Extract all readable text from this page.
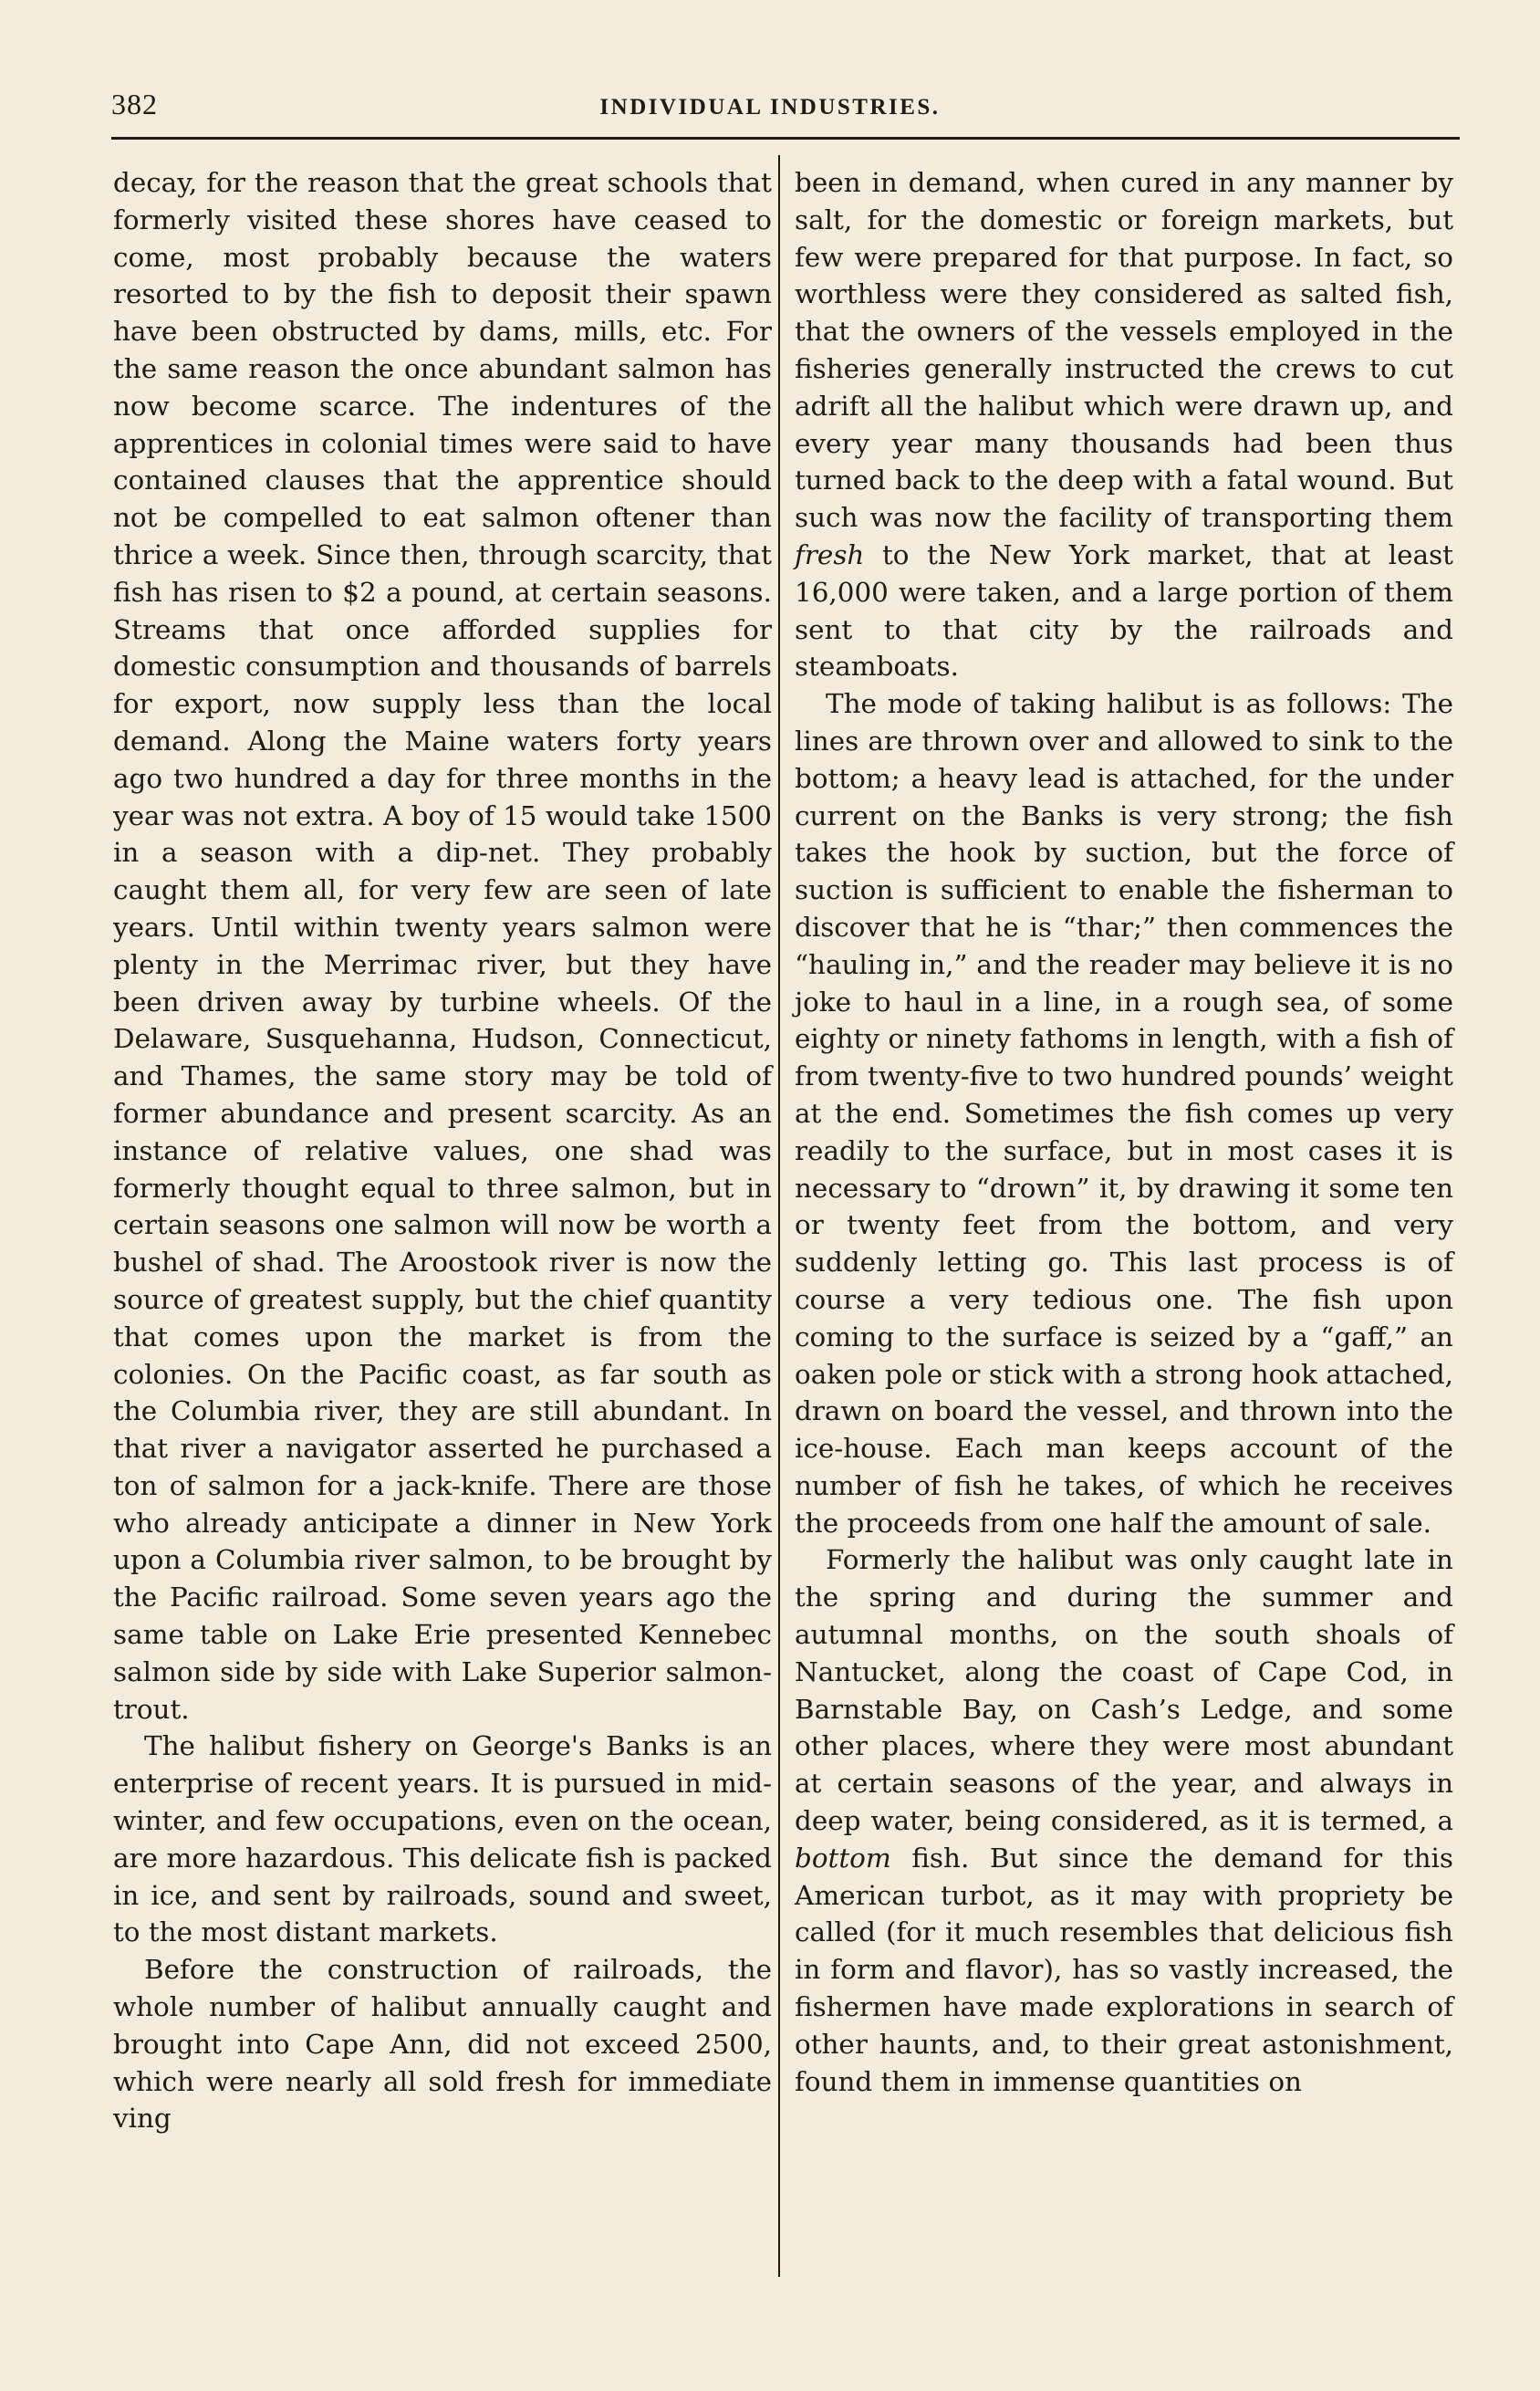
382	INDIVIDUAL INDUSTRIES.

decay, for the reason that the great schools that formerly visited these shores have ceased to come, most probably because the waters resorted to by the fish to deposit their spawn have been obstructed by dams, mills, etc. For the same reason the once abundant salmon has now become scarce. The indentures of the apprentices in colonial times were said to have contained clauses that the apprentice should not be compelled to eat salmon oftener than thrice a week. Since then, through scarcity, that fish has risen to $2 a pound, at certain seasons. Streams that once afforded supplies for domestic consumption and thousands of barrels for export, now supply less than the local demand. Along the Maine waters forty years ago two hundred a day for three months in the year was not extra. A boy of 15 would take 1500 in a season with a dip-net. They probably caught them all, for very few are seen of late years. Until within twenty years salmon were plenty in the Merrimac river, but they have been driven away by turbine wheels. Of the Delaware, Susquehanna, Hudson, Connecticut, and Thames, the same story may be told of former abundance and present scarcity. As an instance of relative values, one shad was formerly thought equal to three salmon, but in certain seasons one salmon will now be worth a bushel of shad. The Aroostook river is now the source of greatest supply, but the chief quantity that comes upon the market is from the colonies. On the Pacific coast, as far south as the Columbia river, they are still abundant. In that river a navigator asserted he purchased a ton of salmon for a jack-knife. There are those who already anticipate a dinner in New York upon a Columbia river salmon, to be brought by the Pacific railroad. Some seven years ago the same table on Lake Erie presented Kennebec salmon side by side with Lake Superior salmon-trout.

The halibut fishery on George's Banks is an enterprise of recent years. It is pursued in mid-winter, and few occupations, even on the ocean, are more hazardous. This delicate fish is packed in ice, and sent by railroads, sound and sweet, to the most distant markets.

Before the construction of railroads, the whole number of halibut annually caught and brought into Cape Ann, did not exceed 2500, which were nearly all sold fresh for immediate ving

been in demand, when cured in any manner by salt, for the domestic or foreign markets, but few were prepared for that purpose. In fact, so worthless were they considered as salted fish, that the owners of the vessels employed in the fisheries generally instructed the crews to cut adrift all the halibut which were drawn up, and every year many thousands had been thus turned back to the deep with a fatal wound. But such was now the facility of transporting them fresh to the New York market, that at least 16,000 were taken, and a large portion of them sent to that city by the railroads and steamboats.

The mode of taking halibut is as follows: The lines are thrown over and allowed to sink to the bottom; a heavy lead is attached, for the under current on the Banks is very strong; the fish takes the hook by suction, but the force of suction is sufficient to enable the fisherman to discover that he is “thar;” then commences the “hauling in,” and the reader may believe it is no joke to haul in a line, in a rough sea, of some eighty or ninety fathoms in length, with a fish of from twenty-five to two hundred pounds’ weight at the end. Sometimes the fish comes up very readily to the surface, but in most cases it is necessary to “drown” it, by drawing it some ten or twenty feet from the bottom, and very suddenly letting go. This last process is of course a very tedious one. The fish upon coming to the surface is seized by a “gaff,” an oaken pole or stick with a strong hook attached, drawn on board the vessel, and thrown into the ice-house. Each man keeps account of the number of fish he takes, of which he receives the proceeds from one half the amount of sale.

Formerly the halibut was only caught late in the spring and during the summer and autumnal months, on the south shoals of Nantucket, along the coast of Cape Cod, in Barnstable Bay, on Cash’s Ledge, and some other places, where they were most abundant at certain seasons of the year, and always in deep water, being considered, as it is termed, a bottom fish. But since the demand for this American turbot, as it may with propriety be called (for it much resembles that delicious fish in form and flavor), has so vastly increased, the fishermen have made explorations in search of other haunts, and, to their great astonishment, found them in immense quantities on
